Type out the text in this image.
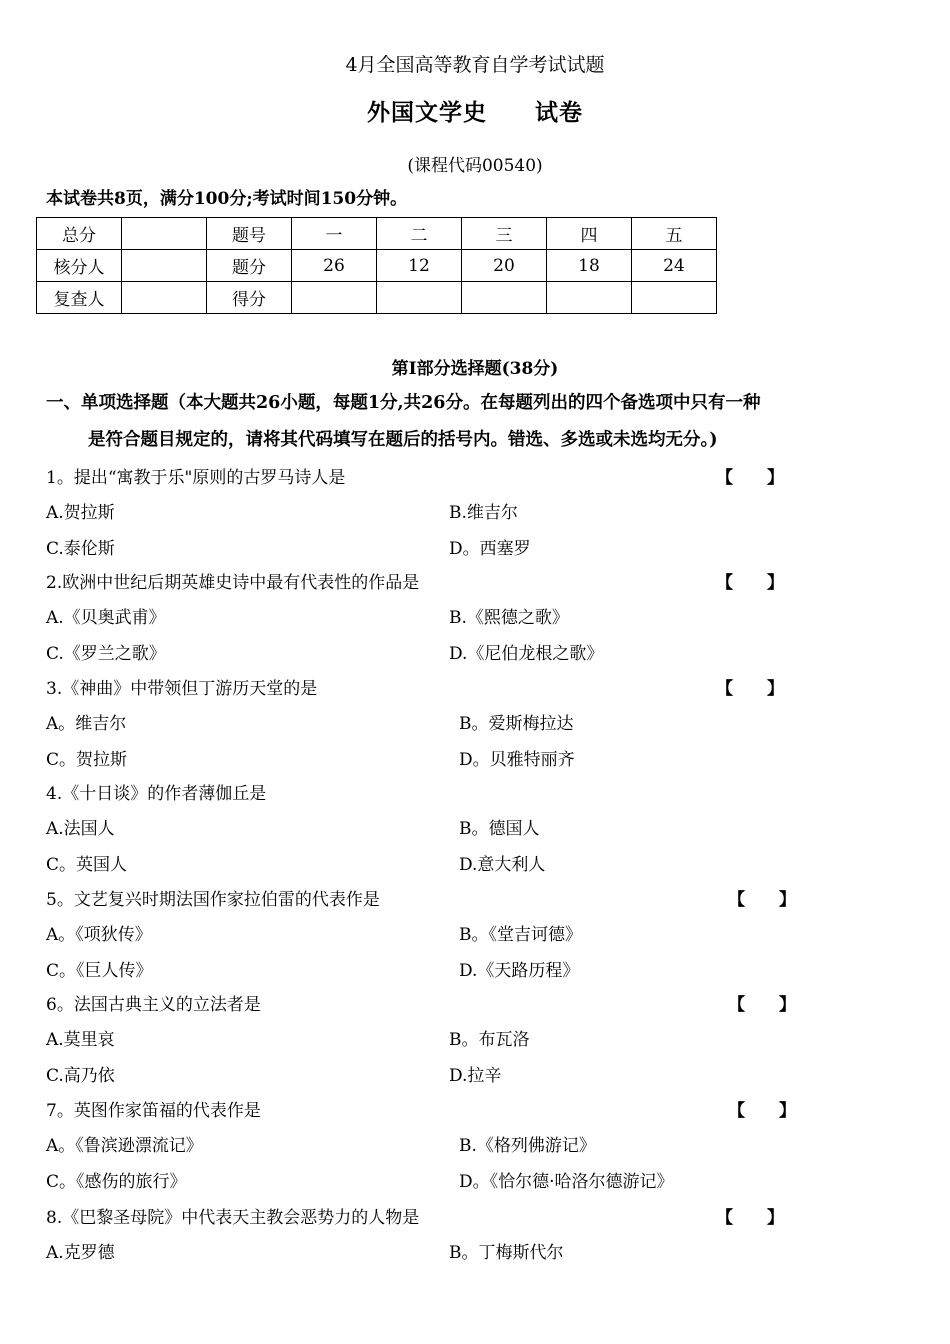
4月全国高等教育自学考试试题
外国文学史　　试卷
(课程代码00540)
本试卷共8页，满分100分;考试时间150分钟。
总分		题号	一	二	三	四	五
核分人		题分	26	12	20	18	24
复查人		得分					
第Ⅰ部分选择题(38分)
一、单项选择题（本大题共26小题，每题1分,共26分。在每题列出的四个备选项中只有一种
是符合题目规定的，请将其代码填写在题后的括号内。错选、多选或未选均无分。)
1。提出“寓教于乐"原则的古罗马诗人是	【　　】
A.贺拉斯	B.维吉尔
C.泰伦斯	D。西塞罗
2.欧洲中世纪后期英雄史诗中最有代表性的作品是	【　　】
A.《贝奥武甫》	B.《熙德之歌》
C.《罗兰之歌》	D.《尼伯龙根之歌》
3.《神曲》中带领但丁游历天堂的是	【　　】
A。维吉尔	B。爱斯梅拉达
C。贺拉斯	D。贝雅特丽齐
4.《十日谈》的作者薄伽丘是
A.法国人	B。德国人
C。英国人	D.意大利人
5。文艺复兴时期法国作家拉伯雷的代表作是	【　　】
A。《项狄传》	B。《堂吉诃德》
C。《巨人传》	D.《天路历程》
6。法国古典主义的立法者是	【　　】
A.莫里哀	B。布瓦洛
C.高乃依	D.拉辛
7。英图作家笛福的代表作是	【　　】
A。《鲁滨逊漂流记》	B.《格列佛游记》
C。《感伤的旅行》	D。《恰尔德·哈洛尔德游记》
8.《巴黎圣母院》中代表天主教会恶势力的人物是	【　　】
A.克罗德	B。丁梅斯代尔
